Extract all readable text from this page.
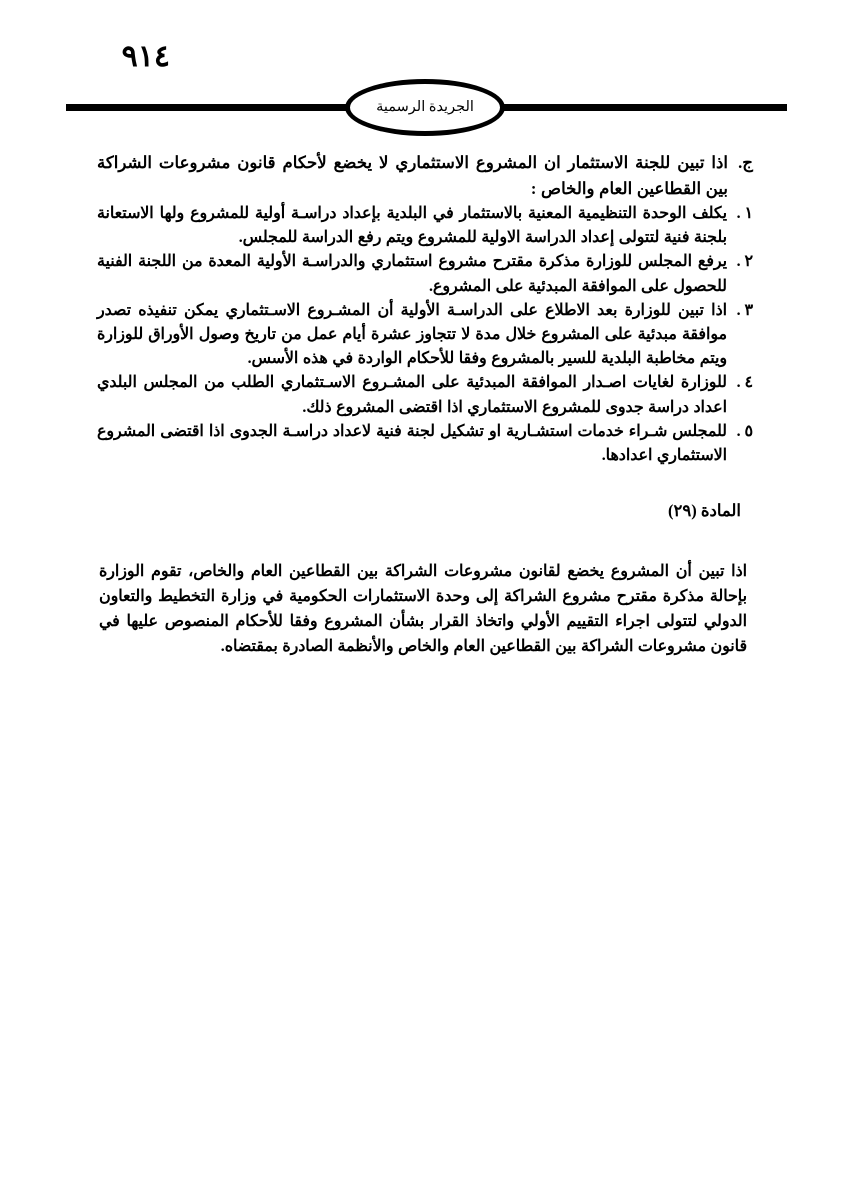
٩١٤
الجريدة الرسمية
ج.
اذا تبين للجنة الاستثمار ان المشروع الاستثماري لا يخضع لأحكام قانون مشروعات الشراكة بين القطاعين العام والخاص :
١ .
يكلف الوحدة التنظيمية المعنية بالاستثمار في البلدية بإعداد دراسـة أولية للمشروع ولها الاستعانة بلجنة فنية لتتولى إعداد الدراسة الاولية للمشروع ويتم رفع الدراسة للمجلس.
٢ .
يرفع المجلس للوزارة مذكرة مقترح مشروع استثماري والدراسـة الأولية المعدة من اللجنة الفنية للحصول على الموافقة المبدئية على المشروع.
٣ .
اذا تبين للوزارة بعد الاطلاع على الدراسـة الأولية أن المشـروع الاسـتثماري يمكن تنفيذه تصدر موافقة مبدئية على المشروع خلال مدة لا تتجاوز عشرة أيام عمل من تاريخ وصول الأوراق للوزارة ويتم مخاطبة البلدية للسير بالمشروع وفقا للأحكام الواردة في هذه الأسس.
٤ .
للوزارة لغايات اصـدار الموافقة المبدئية على المشـروع الاسـتثماري الطلب من المجلس البلدي اعداد دراسة جدوى للمشروع الاستثماري اذا اقتضى المشروع ذلك.
٥ .
للمجلس شـراء خدمات استشـارية او تشكيل لجنة فنية لاعداد دراسـة الجدوى اذا اقتضى المشروع الاستثماري اعدادها.
المادة (٢٩)
اذا تبين أن المشروع يخضع لقانون مشروعات الشراكة بين القطاعين العام والخاص، تقوم الوزارة بإحالة مذكرة مقترح مشروع الشراكة إلى وحدة الاستثمارات الحكومية في وزارة التخطيط والتعاون الدولي لتتولى اجراء التقييم الأولي واتخاذ القرار بشأن المشروع وفقا للأحكام المنصوص عليها في قانون مشروعات الشراكة بين القطاعين العام والخاص والأنظمة الصادرة بمقتضاه.
